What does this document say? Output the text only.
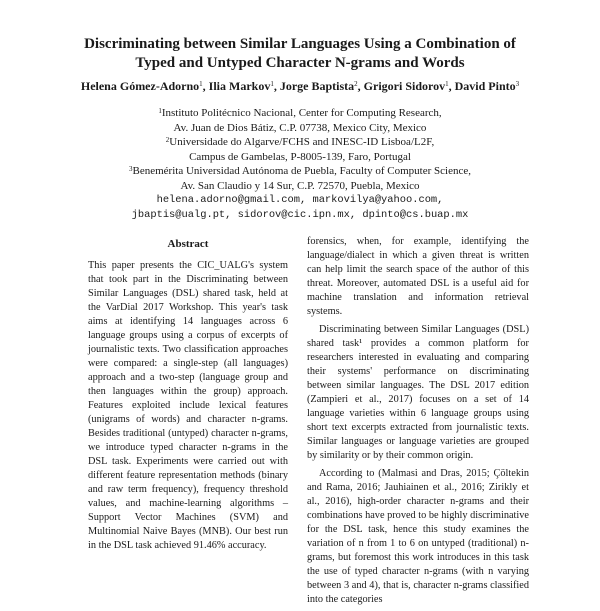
Discriminating between Similar Languages Using a Combination of
Typed and Untyped Character N-grams and Words
Helena Gómez-Adorno$^1$, Ilia Markov$^1$, Jorge Baptista$^2$, Grigori Sidorov$^1$, David Pinto$^3$
$^1$Instituto Politécnico Nacional, Center for Computing Research,
Av. Juan de Dios Bátiz, C.P. 07738, Mexico City, Mexico
$^2$Universidade do Algarve/FCHS and INESC-ID Lisboa/L2F,
Campus de Gambelas, P-8005-139, Faro, Portugal
$^3$Benemérita Universidad Autónoma de Puebla, Faculty of Computer Science,
Av. San Claudio y 14 Sur, C.P. 72570, Puebla, Mexico
helena.adorno@gmail.com, markovilya@yahoo.com,
jbaptis@ualg.pt, sidorov@cic.ipn.mx, dpinto@cs.buap.mx
Abstract
This paper presents the CIC_UALG's system that took part in the Discriminating between Similar Languages (DSL) shared task, held at the VarDial 2017 Workshop. This year's task aims at identifying 14 languages across 6 language groups using a corpus of excerpts of journalistic texts. Two classification approaches were compared: a single-step (all languages) approach and a two-step (language group and then languages within the group) approach. Features exploited include lexical features (unigrams of words) and character n-grams. Besides traditional (untyped) character n-grams, we introduce typed character n-grams in the DSL task. Experiments were carried out with different feature representation methods (binary and raw term frequency), frequency threshold values, and machine-learning algorithms – Support Vector Machines (SVM) and Multinomial Naive Bayes (MNB). Our best run in the DSL task achieved 91.46% accuracy.

forensics, when, for example, identifying the language/dialect in which a given threat is written can help limit the search space of the author of this threat. Moreover, automated DSL is a useful aid for machine translation and information retrieval systems.

Discriminating between Similar Languages (DSL) shared task¹ provides a common platform for researchers interested in evaluating and comparing their systems' performance on discriminating between similar languages. The DSL 2017 edition (Zampieri et al., 2017) focuses on a set of 14 language varieties within 6 language groups using short text excerpts extracted from journalistic texts. Similar languages or language varieties are grouped by similarity or by their common origin.

According to (Malmasi and Dras, 2015; Çöltekin and Rama, 2016; Jauhiainen et al., 2016; Zirikly et al., 2016), high-order character n-grams and their combinations have proved to be highly discriminative for the DSL task, hence this study examines the variation of n from 1 to 6 on untyped (traditional) n-grams, but foremost this work introduces in this task the use of typed character n-grams (with n varying between 3 and 4), that is, character n-grams classified into the categories
